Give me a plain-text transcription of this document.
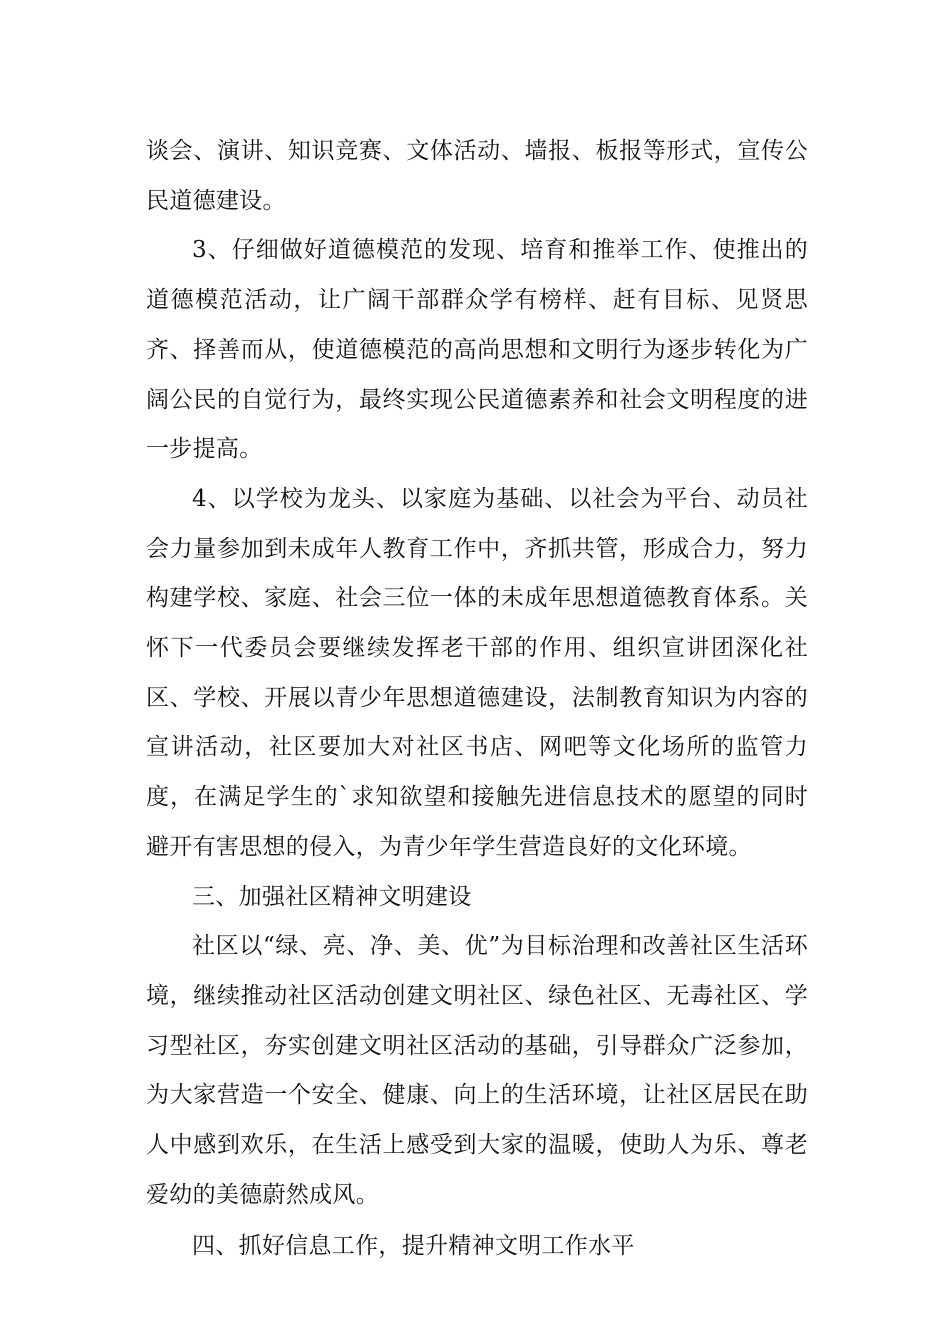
谈会、演讲、知识竞赛、文体活动、墙报、板报等形式，宣传公民道德建设。

3、仔细做好道德模范的发现、培育和推举工作、使推出的道德模范活动，让广阔干部群众学有榜样、赶有目标、见贤思齐、择善而从，使道德模范的高尚思想和文明行为逐步转化为广阔公民的自觉行为，最终实现公民道德素养和社会文明程度的进一步提高。

4、以学校为龙头、以家庭为基础、以社会为平台、动员社会力量参加到未成年人教育工作中，齐抓共管，形成合力，努力构建学校、家庭、社会三位一体的未成年思想道德教育体系。关怀下一代委员会要继续发挥老干部的作用、组织宣讲团深化社区、学校、开展以青少年思想道德建设，法制教育知识为内容的宣讲活动，社区要加大对社区书店、网吧等文化场所的监管力度，在满足学生的`求知欲望和接触先进信息技术的愿望的同时避开有害思想的侵入，为青少年学生营造良好的文化环境。

三、加强社区精神文明建设

社区以“绿、亮、净、美、优”为目标治理和改善社区生活环境，继续推动社区活动创建文明社区、绿色社区、无毒社区、学习型社区，夯实创建文明社区活动的基础，引导群众广泛参加，为大家营造一个安全、健康、向上的生活环境，让社区居民在助人中感到欢乐，在生活上感受到大家的温暖，使助人为乐、尊老爱幼的美德蔚然成风。

四、抓好信息工作，提升精神文明工作水平
